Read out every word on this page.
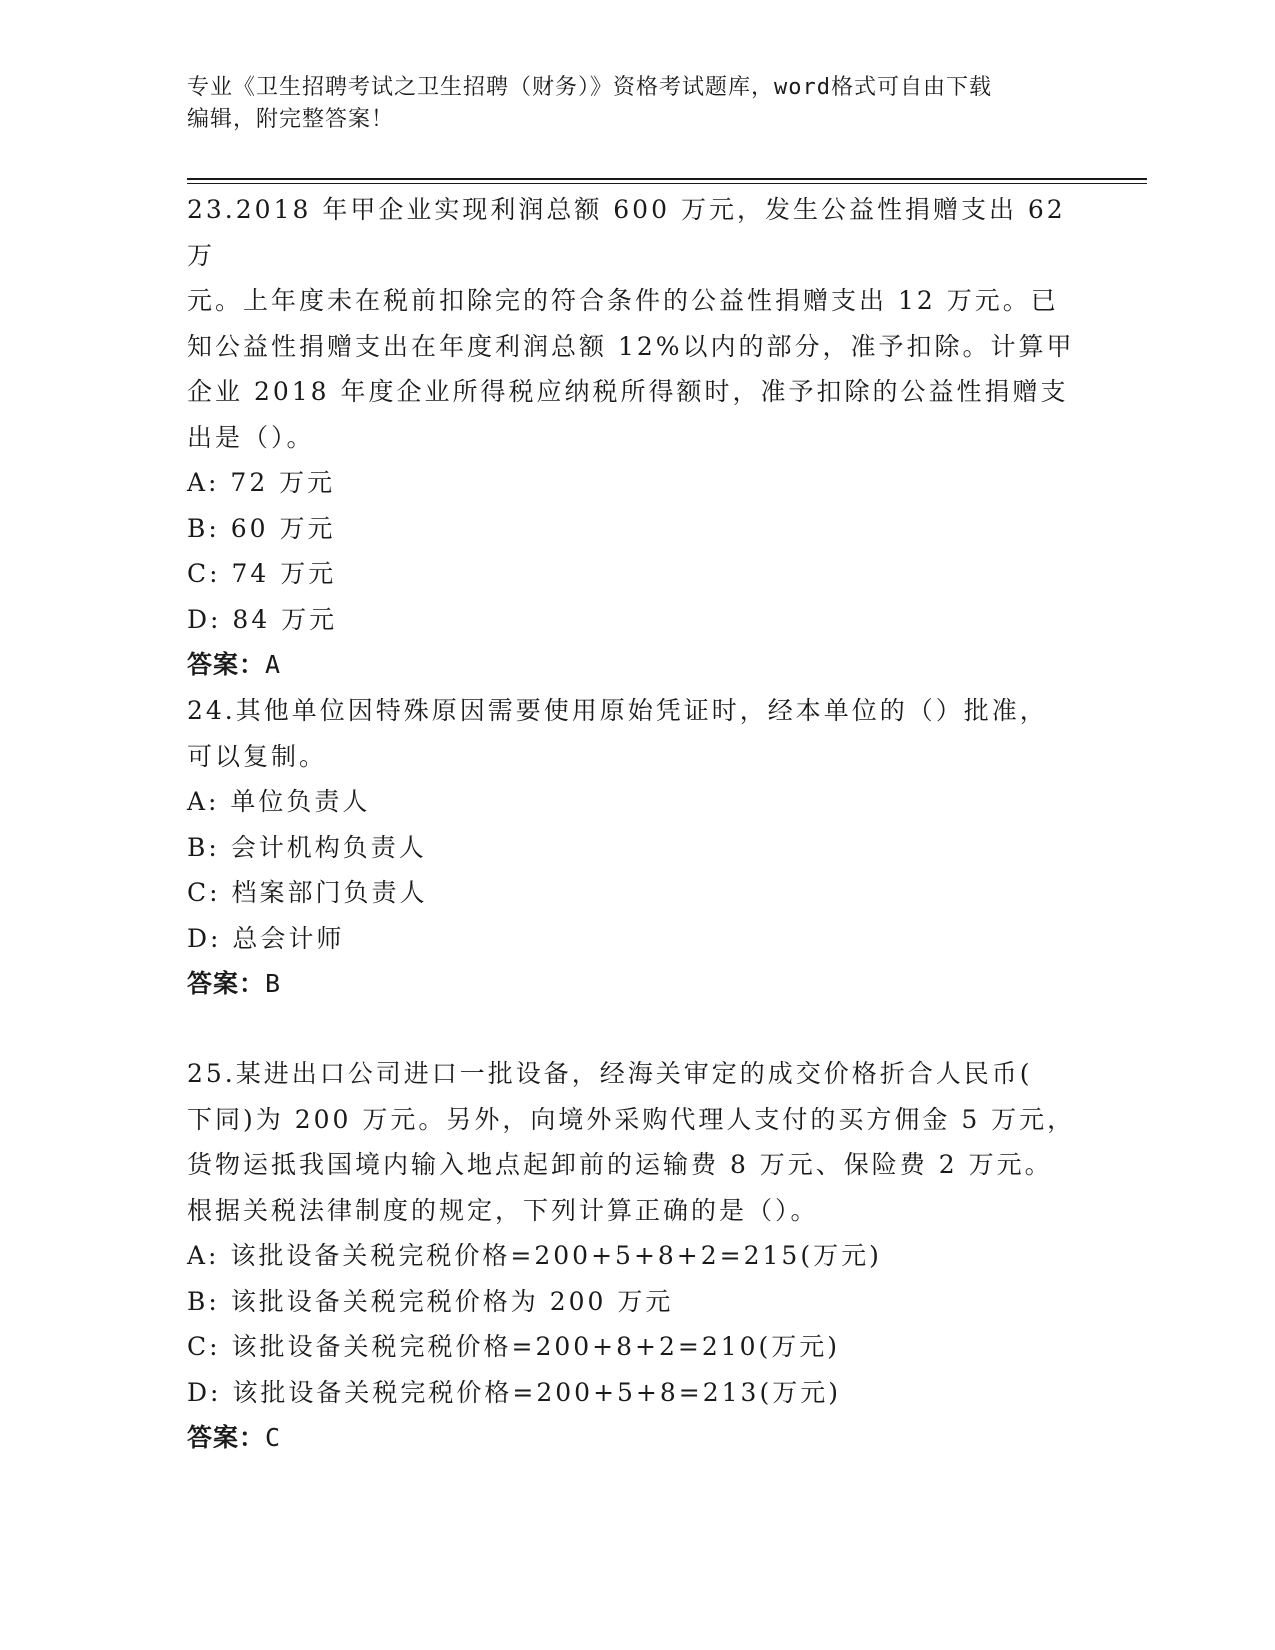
专业《卫生招聘考试之卫生招聘（财务）》资格考试题库，word格式可自由下载
编辑，附完整答案！

23.2018 年甲企业实现利润总额 600 万元，发生公益性捐赠支出 62 万

元。上年度未在税前扣除完的符合条件的公益性捐赠支出 12 万元。已

知公益性捐赠支出在年度利润总额 12%以内的部分，准予扣除。计算甲

企业 2018 年度企业所得税应纳税所得额时，准予扣除的公益性捐赠支

出是（）。

A: 72 万元

B: 60 万元

C: 74 万元

D: 84 万元

答案：A

24.其他单位因特殊原因需要使用原始凭证时，经本单位的（）批准，

可以复制。

A: 单位负责人

B: 会计机构负责人

C: 档案部门负责人

D: 总会计师

答案：B

25.某进出口公司进口一批设备，经海关审定的成交价格折合人民币(

下同)为 200 万元。另外，向境外采购代理人支付的买方佣金 5 万元，

货物运抵我国境内输入地点起卸前的运输费 8 万元、保险费 2 万元。

根据关税法律制度的规定，下列计算正确的是（）。

A: 该批设备关税完税价格=200+5+8+2=215(万元)

B: 该批设备关税完税价格为 200 万元

C: 该批设备关税完税价格=200+8+2=210(万元)

D: 该批设备关税完税价格=200+5+8=213(万元)

答案：C
